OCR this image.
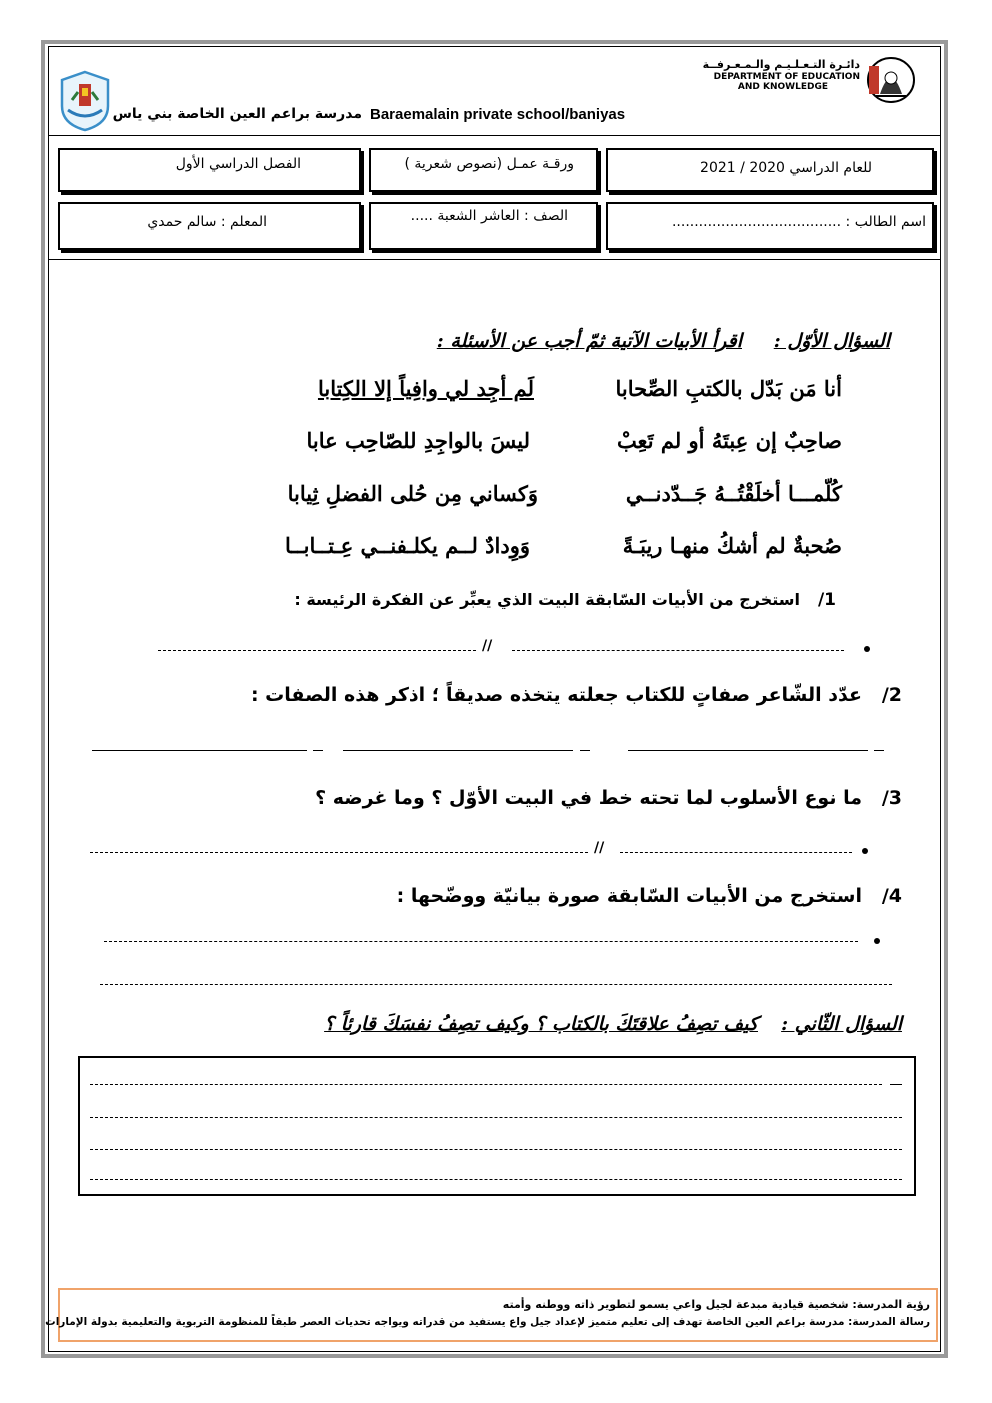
دائـرة التـعـلـيـم والـمـعـرفــة
DEPARTMENT OF EDUCATION
AND KNOWLEDGE
مدرسة براعم العين الخاصة بني ياس Baraemalain private school/baniyas
للعام الدراسي 2020 / 2021
ورقـة عمـل (نصوص شعرية )
الفصل الدراسي الأول
اسم الطالب : ......................................
الصف : العاشر الشعبة .....
المعلم : سالم حمدي
السؤال الأوّل :
اقرأ الأبيات الآتية ثمّ أجب عن الأسئلة :
أنا مَن بَدّل بالكتبِ الصِّحابا
لَم أجِد لي وافِياً إلا الكِتابا
صاحِبٌ إن عِبتَهُ أو لم تَعِبْ
ليسَ بالواجِدِ للصّاحِب عابا
كُلّمـــا أخلَقْتُــهُ جَــدّدنــي
وَكساني مِن حُلى الفضلِ ثِيابا
صُحبةٌ لم أشكُ منهـا ريبَـةً
وَوِدادٌ لــم يكلـفنــي عِـتــابــا
1/
استخرج من الأبيات السّابقة البيت الذي يعبِّر عن الفكرة الرئيسة :
//
2/
عدّد الشّاعر صفاتٍ للكتاب جعلته يتخذه صديقاً ؛ اذكر هذه الصفات :
3/
ما نوع الأسلوب لما تحته خط في البيت الأوّل ؟ وما غرضه ؟
//
4/
استخرج من الأبيات السّابقة صورة بيانيّة ووضّحها :
السؤال الثّاني :
كيف تصِفُ علاقتَكَ بالكتاب ؟ وكيف تصِفُ نفسَكَ قارئاً ؟
رؤية المدرسة: شخصية قيادية مبدعة لجيل واعي يسمو لتطوير ذاته ووطنه وأمته
رسالة المدرسة: مدرسة براعم العين الخاصة تهدف إلى تعليم متميز لإعداد جيل واع يستفيد من قدراته ويواجه تحديات العصر طبقاً للمنظومة التربوية والتعليمية بدولة الإمارات
